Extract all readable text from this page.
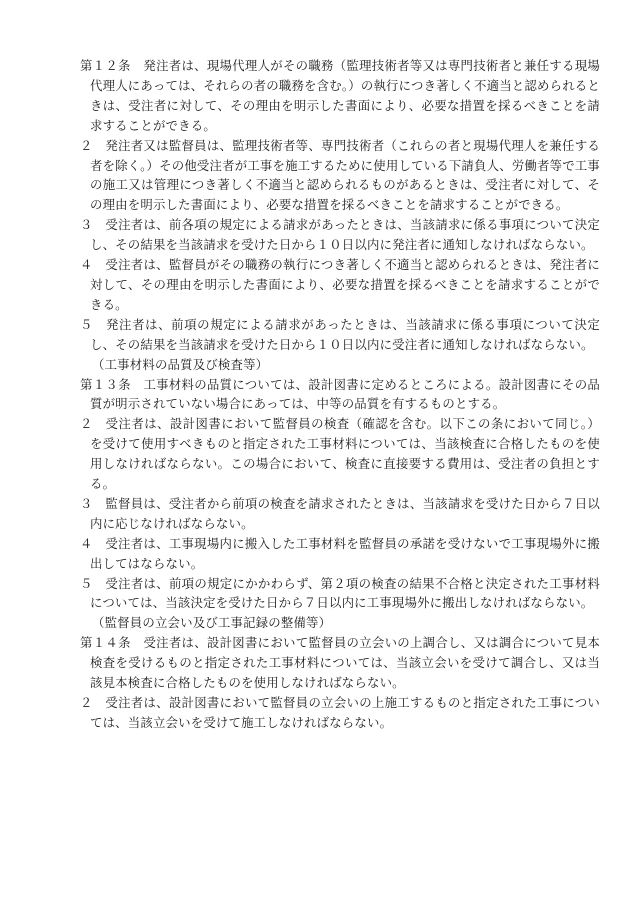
第１２条　発注者は、現場代理人がその職務（監理技術者等又は専門技術者と兼任する現場代理人にあっては、それらの者の職務を含む。）の執行につき著しく不適当と認められるときは、受注者に対して、その理由を明示した書面により、必要な措置を採るべきことを請求することができる。

２　発注者又は監督員は、監理技術者等、専門技術者（これらの者と現場代理人を兼任する者を除く。）その他受注者が工事を施工するために使用している下請負人、労働者等で工事の施工又は管理につき著しく不適当と認められるものがあるときは、受注者に対して、その理由を明示した書面により、必要な措置を採るべきことを請求することができる。

３　受注者は、前各項の規定による請求があったときは、当該請求に係る事項について決定し、その結果を当該請求を受けた日から１０日以内に発注者に通知しなければならない。

４　受注者は、監督員がその職務の執行につき著しく不適当と認められるときは、発注者に対して、その理由を明示した書面により、必要な措置を採るべきことを請求することができる。

５　発注者は、前項の規定による請求があったときは、当該請求に係る事項について決定し、その結果を当該請求を受けた日から１０日以内に受注者に通知しなければならない。

（工事材料の品質及び検査等）

第１３条　工事材料の品質については、設計図書に定めるところによる。設計図書にその品質が明示されていない場合にあっては、中等の品質を有するものとする。

２　受注者は、設計図書において監督員の検査（確認を含む。以下この条において同じ。）を受けて使用すべきものと指定された工事材料については、当該検査に合格したものを使用しなければならない。この場合において、検査に直接要する費用は、受注者の負担とする。

３　監督員は、受注者から前項の検査を請求されたときは、当該請求を受けた日から７日以内に応じなければならない。

４　受注者は、工事現場内に搬入した工事材料を監督員の承諾を受けないで工事現場外に搬出してはならない。

５　受注者は、前項の規定にかかわらず、第２項の検査の結果不合格と決定された工事材料については、当該決定を受けた日から７日以内に工事現場外に搬出しなければならない。

（監督員の立会い及び工事記録の整備等）

第１４条　受注者は、設計図書において監督員の立会いの上調合し、又は調合について見本検査を受けるものと指定された工事材料については、当該立会いを受けて調合し、又は当該見本検査に合格したものを使用しなければならない。

２　受注者は、設計図書において監督員の立会いの上施工するものと指定された工事については、当該立会いを受けて施工しなければならない。
